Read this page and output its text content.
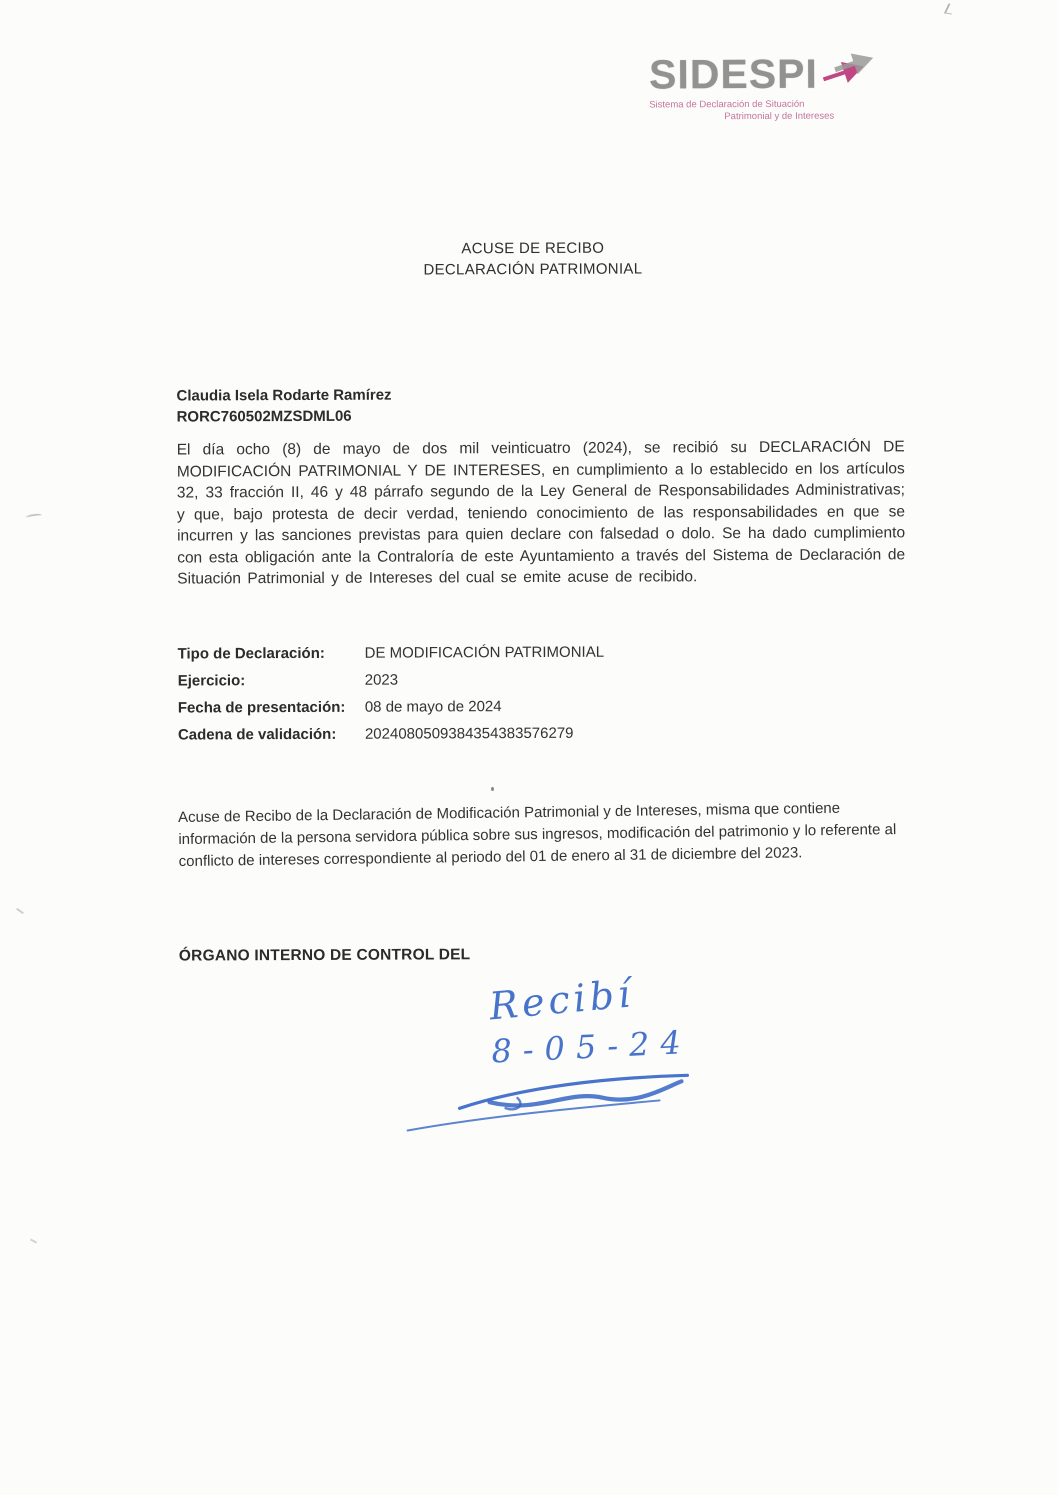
SIDESPI
Sistema de Declaración de Situación
Patrimonial y de Intereses
ACUSE DE RECIBO
DECLARACIÓN PATRIMONIAL
Claudia Isela Rodarte Ramírez
RORC760502MZSDML06

El día ocho (8) de mayo de dos mil veinticuatro (2024), se recibió su DECLARACIÓN DE MODIFICACIÓN PATRIMONIAL Y DE INTERESES, en cumplimiento a lo establecido en los artículos 32, 33 fracción II, 46 y 48 párrafo segundo de la Ley General de Responsabilidades Administrativas; y que, bajo protesta de decir verdad, teniendo conocimiento de las responsabilidades en que se incurren y las sanciones previstas para quien declare con falsedad o dolo. Se ha dado cumplimiento con esta obligación ante la Contraloría de este Ayuntamiento a través del Sistema de Declaración de Situación Patrimonial y de Intereses del cual se emite acuse de recibido.

Tipo de Declaración:	DE MODIFICACIÓN PATRIMONIAL
Ejercicio:	2023
Fecha de presentación:	08 de mayo de 2024
Cadena de validación:	2024080509384354383576279

Acuse de Recibo de la Declaración de Modificación Patrimonial y de Intereses, misma que contiene información de la persona servidora pública sobre sus ingresos, modificación del patrimonio y lo referente al conflicto de intereses correspondiente al periodo del 01 de enero al 31 de diciembre del 2023.

ÓRGANO INTERNO DE CONTROL DEL
Recibí
8-05-24
